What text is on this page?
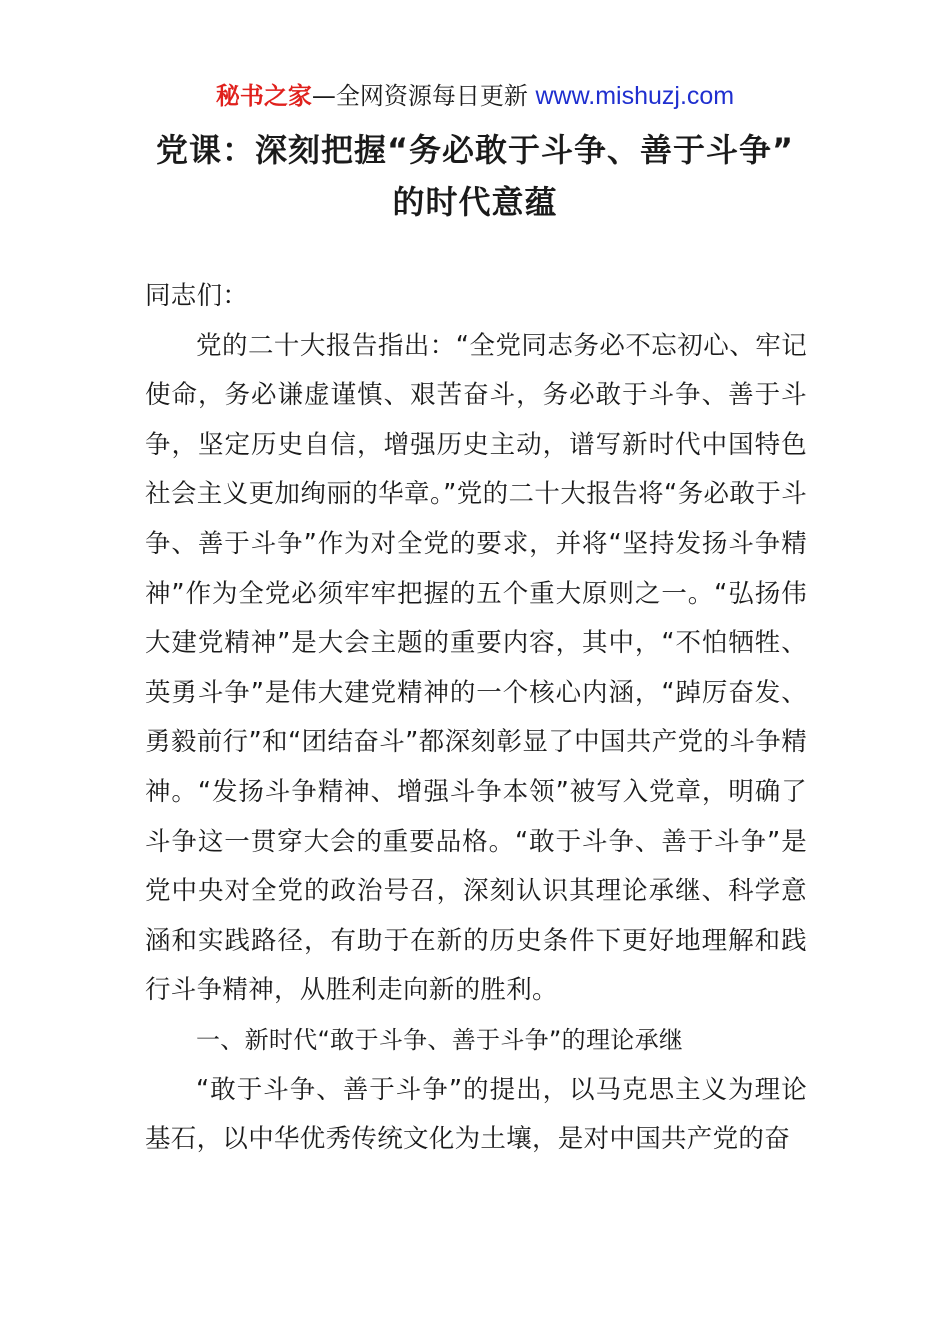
秘书之家—全网资源每日更新 www.mishuzj.com
党课：深刻把握“务必敢于斗争、善于斗争”
的时代意蕴

同志们：

党的二十大报告指出：“全党同志务必不忘初心、牢记使命，务必谦虚谨慎、艰苦奋斗，务必敢于斗争、善于斗争，坚定历史自信，增强历史主动，谱写新时代中国特色社会主义更加绚丽的华章。”党的二十大报告将“务必敢于斗争、善于斗争”作为对全党的要求，并将“坚持发扬斗争精神”作为全党必须牢牢把握的五个重大原则之一。“弘扬伟大建党精神”是大会主题的重要内容，其中，“不怕牺牲、英勇斗争”是伟大建党精神的一个核心内涵，“踔厉奋发、勇毅前行”和“团结奋斗”都深刻彰显了中国共产党的斗争精神。“发扬斗争精神、增强斗争本领”被写入党章，明确了斗争这一贯穿大会的重要品格。“敢于斗争、善于斗争”是党中央对全党的政治号召，深刻认识其理论承继、科学意涵和实践路径，有助于在新的历史条件下更好地理解和践行斗争精神，从胜利走向新的胜利。

一、新时代“敢于斗争、善于斗争”的理论承继

“敢于斗争、善于斗争”的提出，以马克思主义为理论基石，以中华优秀传统文化为土壤，是对中国共产党的奋
